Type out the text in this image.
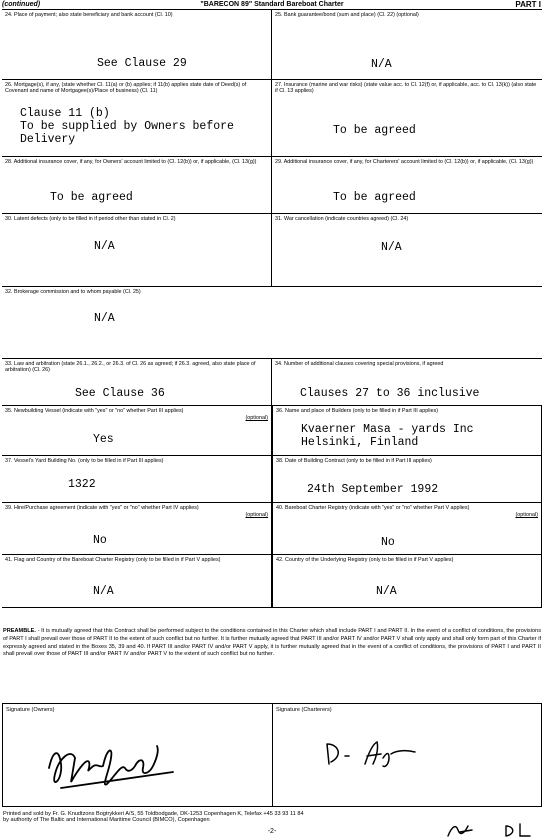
(continued)	"BARECON 89" Standard Bareboat Charter	PART I
24. Place of payment; also state beneficiary and bank account (Cl. 10)
See Clause 29
25. Bank guarantee/bond (sum and place) (Cl. 22) (optional)
N/A
26. Mortgage(s), if any, (state whether Cl. 11(a) or (b) applies; if 11(b) applies state date of Deed(s) of Covenant and name of Mortgagee(s)/Place of business) (Cl. 11)
Clause 11 (b)
To be supplied by Owners before
Delivery
27. Insurance (marine and war risks) (state value acc. to Cl. 12(f) or, if applicable, acc. to Cl. 13(k)) (also state if Cl. 13 applies)
To be agreed
28. Additional insurance cover, if any, for Owners' account limited to (Cl. 12(b)) or, if applicable, (Cl. 13(g))
To be agreed
29. Additional insurance cover, if any, for Charterers' account limited to (Cl. 12(b)) or, if applicable, (Cl. 13(g))
To be agreed
30. Latent defects (only to be filled in if period other than stated in Cl. 2)
N/A
31. War cancellation (indicate countries agreed) (Cl. 24)
N/A
32. Brokerage commission and to whom payable (Cl. 25)
N/A
33. Law and arbitration (state 26.1., 26.2., or 26.3. of Cl. 26 as agreed; if 26.3. agreed, also state place of arbitration) (Cl. 26)
See Clause 36
34. Number of additional clauses covering special provisions, if agreed
Clauses 27 to 36 inclusive
35. Newbuilding Vessel (indicate with "yes" or "no" whether Part III applies)
(optional)
Yes
36. Name and place of Builders (only to be filled in if Part III applies)
Kvaerner Masa - yards Inc
Helsinki, Finland
37. Vessel's Yard Building No. (only to be filled in if Part III applies)
1322
38. Date of Building Contract (only to be filled in if Part III applies)
24th September 1992
39. Hire/Purchase agreement (indicate with "yes" or "no" whether Part IV applies)
(optional)
No
40. Bareboat Charter Registry (indicate with "yes" or "no" whether Part V applies)
(optional)
No
41. Flag and Country of the Bareboat Charter Registry (only to be filled in if Part V applies)
N/A
42. Country of the Underlying Registry (only to be filled in if Part V applies)
N/A
PREAMBLE. - It is mutually agreed that this Contract shall be performed subject to the conditions contained in this Charter which shall include PART I and PART II. In the event of a conflict of conditions, the provisions of PART I shall prevail over those of PART II to the extent of such conflict but no further. It is further mutually agreed that PART III and/or PART IV and/or PART V shall only apply and shall only form part of this Charter if expressly agreed and stated in the Boxes 35, 39 and 40. If PART III and/or PART IV and/or PART V apply, it is further mutually agreed that in the event of a conflict of conditions, the provisions of PART I and PART II shall prevail over those of PART III and/or PART IV and/or PART V to the extent of such conflict but no further.
Signature (Owners)	Signature (Charterers)
Printed and sold by Fr. G. Knudtzons Bogtrykkeri A/S, 55 Toldbodgade, DK-1253 Copenhagen K, Telefax +45 33 93 11 84
by authority of The Baltic and International Maritime Council (BIMCO), Copenhagen
-2-
